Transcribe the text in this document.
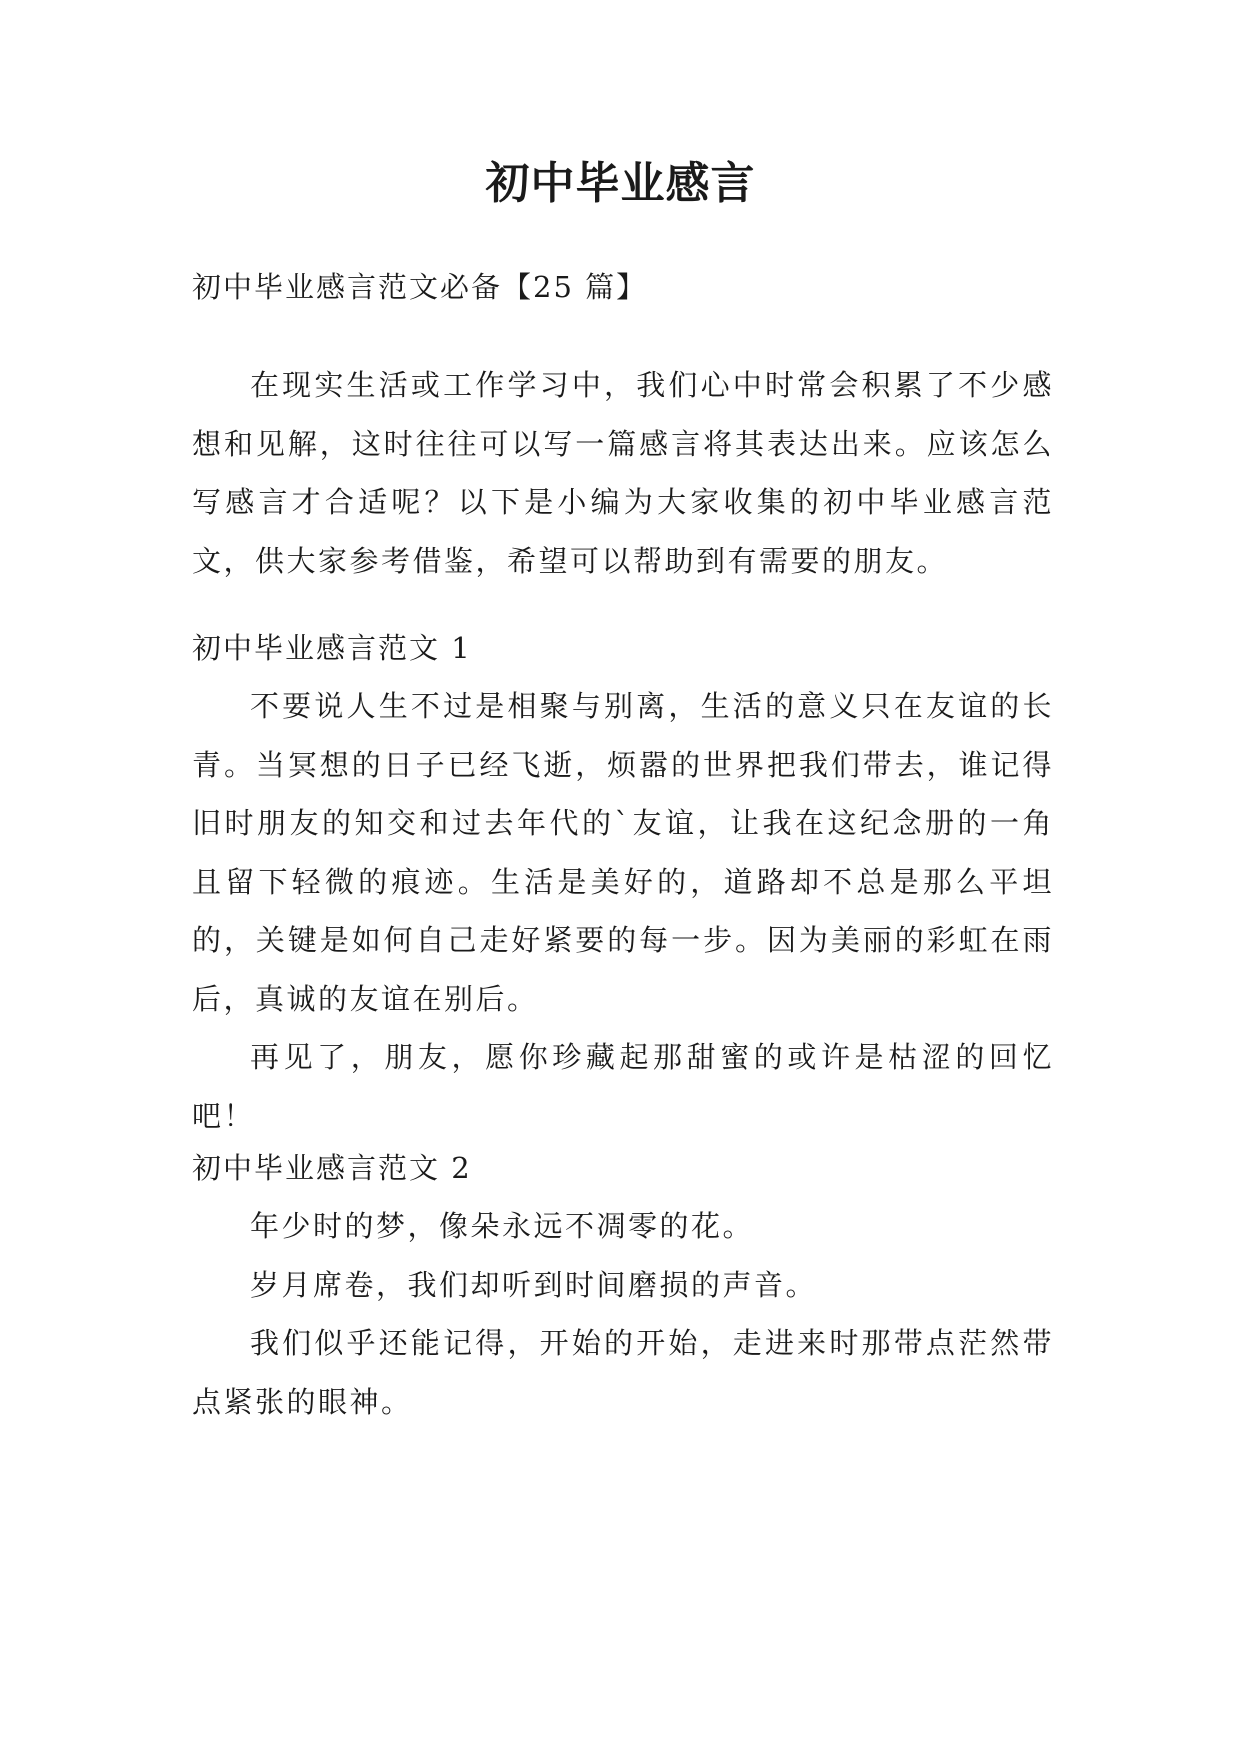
初中毕业感言

初中毕业感言范文必备【25 篇】

在现实生活或工作学习中，我们心中时常会积累了不少感想和见解，这时往往可以写一篇感言将其表达出来。应该怎么写感言才合适呢？以下是小编为大家收集的初中毕业感言范文，供大家参考借鉴，希望可以帮助到有需要的朋友。

初中毕业感言范文 1

不要说人生不过是相聚与别离，生活的意义只在友谊的长青。当冥想的日子已经飞逝，烦嚣的世界把我们带去，谁记得旧时朋友的知交和过去年代的`友谊，让我在这纪念册的一角且留下轻微的痕迹。生活是美好的，道路却不总是那么平坦的，关键是如何自己走好紧要的每一步。因为美丽的彩虹在雨后，真诚的友谊在别后。

再见了，朋友，愿你珍藏起那甜蜜的或许是枯涩的回忆吧！

初中毕业感言范文 2

年少时的梦，像朵永远不凋零的花。

岁月席卷，我们却听到时间磨损的声音。

我们似乎还能记得，开始的开始，走进来时那带点茫然带点紧张的眼神。
